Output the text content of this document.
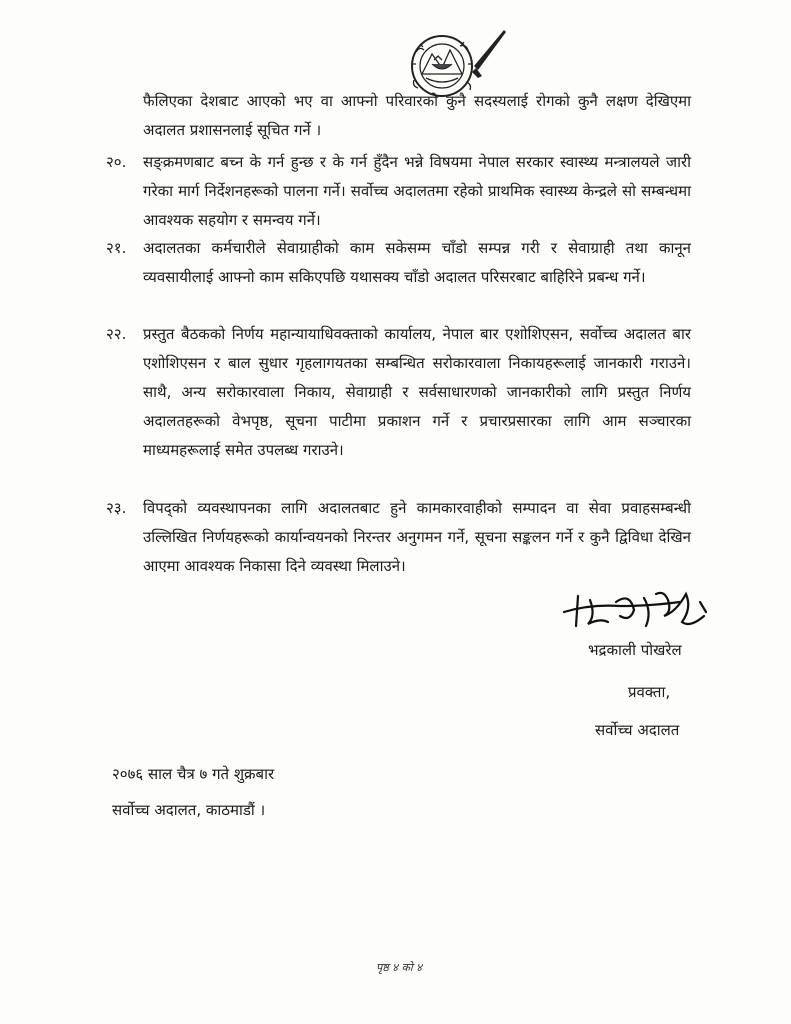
फैलिएका देशबाट आएको भए वा आफ्नो परिवारको कुनै सदस्यलाई रोगको कुनै लक्षण देखिएमा अदालत प्रशासनलाई सूचित गर्ने ।

२०.	सङ्क्रमणबाट बच्न के गर्न हुन्छ र के गर्न हुँदैन भन्ने विषयमा नेपाल सरकार स्वास्थ्य मन्त्रालयले जारी गरेका मार्ग निर्देशनहरूको पालना गर्ने। सर्वोच्च अदालतमा रहेको प्राथमिक स्वास्थ्य केन्द्रले सो सम्बन्धमा आवश्यक सहयोग र समन्वय गर्ने।
२१.	अदालतका कर्मचारीले सेवाग्राहीको काम सकेसम्म चाँडो सम्पन्न गरी र सेवाग्राही तथा कानून व्यवसायीलाई आफ्नो काम सकिएपछि यथासक्य चाँडो अदालत परिसरबाट बाहिरिने प्रबन्ध गर्ने।
२२.	प्रस्तुत बैठकको निर्णय महान्यायाधिवक्ताको कार्यालय, नेपाल बार एशोशिएसन, सर्वोच्च अदालत बार एशोशिएसन र बाल सुधार गृहलागयतका सम्बन्धित सरोकारवाला निकायहरूलाई जानकारी गराउने। साथै, अन्य सरोकारवाला निकाय, सेवाग्राही र सर्वसाधारणको जानकारीको लागि प्रस्तुत निर्णय अदालतहरूको वेभपृष्ठ, सूचना पाटीमा प्रकाशन गर्ने र प्रचारप्रसारका लागि आम सञ्चारका माध्यमहरूलाई समेत उपलब्ध गराउने।
२३.	विपद्को व्यवस्थापनका लागि अदालतबाट हुने कामकारवाहीको सम्पादन वा सेवा प्रवाहसम्बन्धी उल्लिखित निर्णयहरूको कार्यान्वयनको निरन्तर अनुगमन गर्ने, सूचना सङ्कलन गर्ने र कुनै द्विविधा देखिन आएमा आवश्यक निकासा दिने व्यवस्था मिलाउने।
भद्रकाली पोखरेल
प्रवक्ता,
सर्वोच्च अदालत
२०७६ साल चैत्र ७ गते शुक्रबार
सर्वोच्च अदालत, काठमाडौं ।
पृष्ठ ४ को ४
